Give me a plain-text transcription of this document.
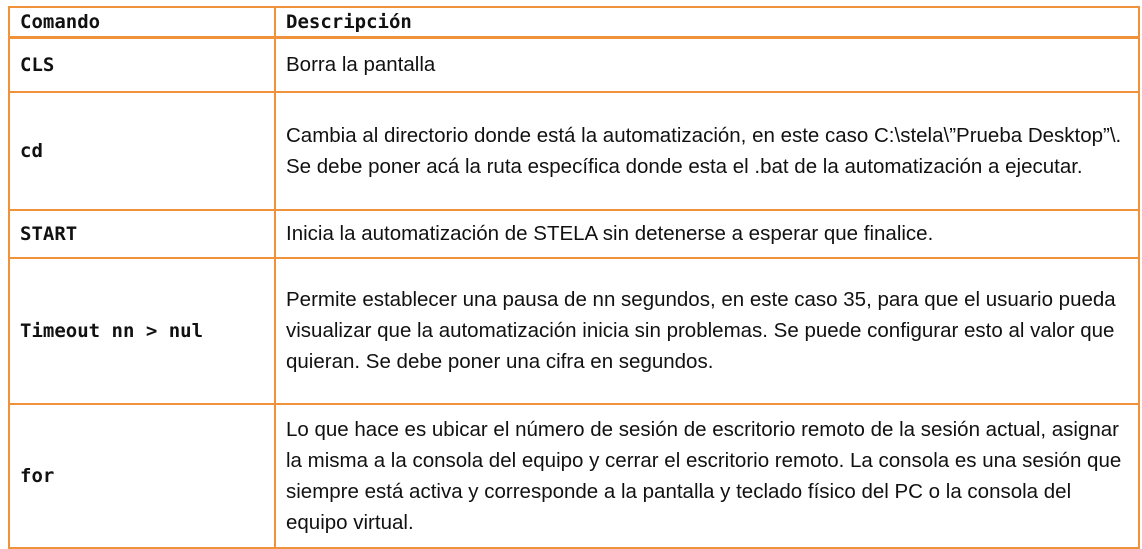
Comando	Descripción
CLS	Borra la pantalla
cd	Cambia al directorio donde está la automatización, en este caso C:\stela\”Prueba Desktop”\. Se debe poner acá la ruta específica donde esta el .bat de la automatización a ejecutar.
START	Inicia la automatización de STELA sin detenerse a esperar que finalice.
Timeout nn > nul	Permite establecer una pausa de nn segundos, en este caso 35, para que el usuario pueda visualizar que la automatización inicia sin problemas. Se puede configurar esto al valor que quieran. Se debe poner una cifra en segundos.
for	Lo que hace es ubicar el número de sesión de escritorio remoto de la sesión actual, asignar la misma a la consola del equipo y cerrar el escritorio remoto. La consola es una sesión que siempre está activa y corresponde a la pantalla y teclado físico del PC o la consola del equipo virtual.
